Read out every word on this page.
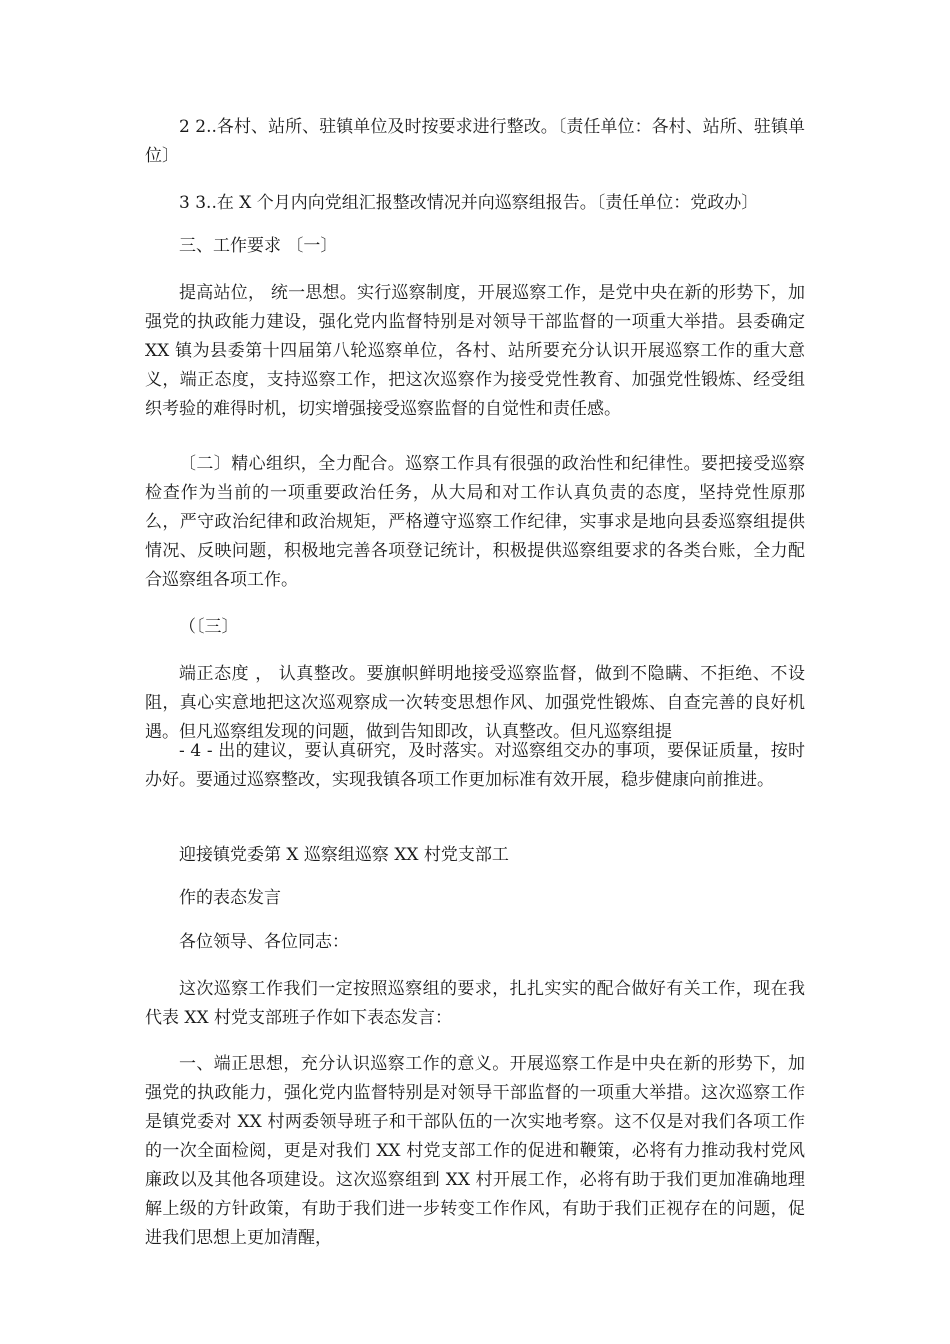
2 2..各村、站所、驻镇单位及时按要求进行整改。〔责任单位：各村、站所、驻镇单位〕

3 3..在 X 个月内向党组汇报整改情况并向巡察组报告。〔责任单位：党政办〕

三、工作要求 〔一〕

提高站位， 统一思想。实行巡察制度，开展巡察工作，是党中央在新的形势下，加强党的执政能力建设，强化党内监督特别是对领导干部监督的一项重大举措。县委确定 XX 镇为县委第十四届第八轮巡察单位，各村、站所要充分认识开展巡察工作的重大意义，端正态度，支持巡察工作，把这次巡察作为接受党性教育、加强党性锻炼、经受组织考验的难得时机，切实增强接受巡察监督的自觉性和责任感。

〔二〕精心组织，全力配合。巡察工作具有很强的政治性和纪律性。要把接受巡察检查作为当前的一项重要政治任务，从大局和对工作认真负责的态度，坚持党性原那么，严守政治纪律和政治规矩，严格遵守巡察工作纪律，实事求是地向县委巡察组提供情况、反映问题，积极地完善各项登记统计，积极提供巡察组要求的各类台账，全力配合巡察组各项工作。

（〔三〕

端正态度 ， 认真整改。要旗帜鲜明地接受巡察监督，做到不隐瞒、不拒绝、不设阻，真心实意地把这次巡观察成一次转变思想作风、加强党性锻炼、自查完善的良好机遇。但凡巡察组发现的问题，做到告知即改，认真整改。但凡巡察组提

- 4 - 出的建议，要认真研究，及时落实。对巡察组交办的事项，要保证质量，按时办好。要通过巡察整改，实现我镇各项工作更加标准有效开展，稳步健康向前推进。

迎接镇党委第 X 巡察组巡察 XX 村党支部工

作的表态发言

各位领导、各位同志：

这次巡察工作我们一定按照巡察组的要求，扎扎实实的配合做好有关工作，现在我代表 XX 村党支部班子作如下表态发言：

一、端正思想，充分认识巡察工作的意义。开展巡察工作是中央在新的形势下，加强党的执政能力，强化党内监督特别是对领导干部监督的一项重大举措。这次巡察工作是镇党委对 XX 村两委领导班子和干部队伍的一次实地考察。这不仅是对我们各项工作的一次全面检阅，更是对我们 XX 村党支部工作的促进和鞭策，必将有力推动我村党风廉政以及其他各项建设。这次巡察组到 XX 村开展工作，必将有助于我们更加准确地理解上级的方针政策，有助于我们进一步转变工作作风，有助于我们正视存在的问题，促进我们思想上更加清醒，
